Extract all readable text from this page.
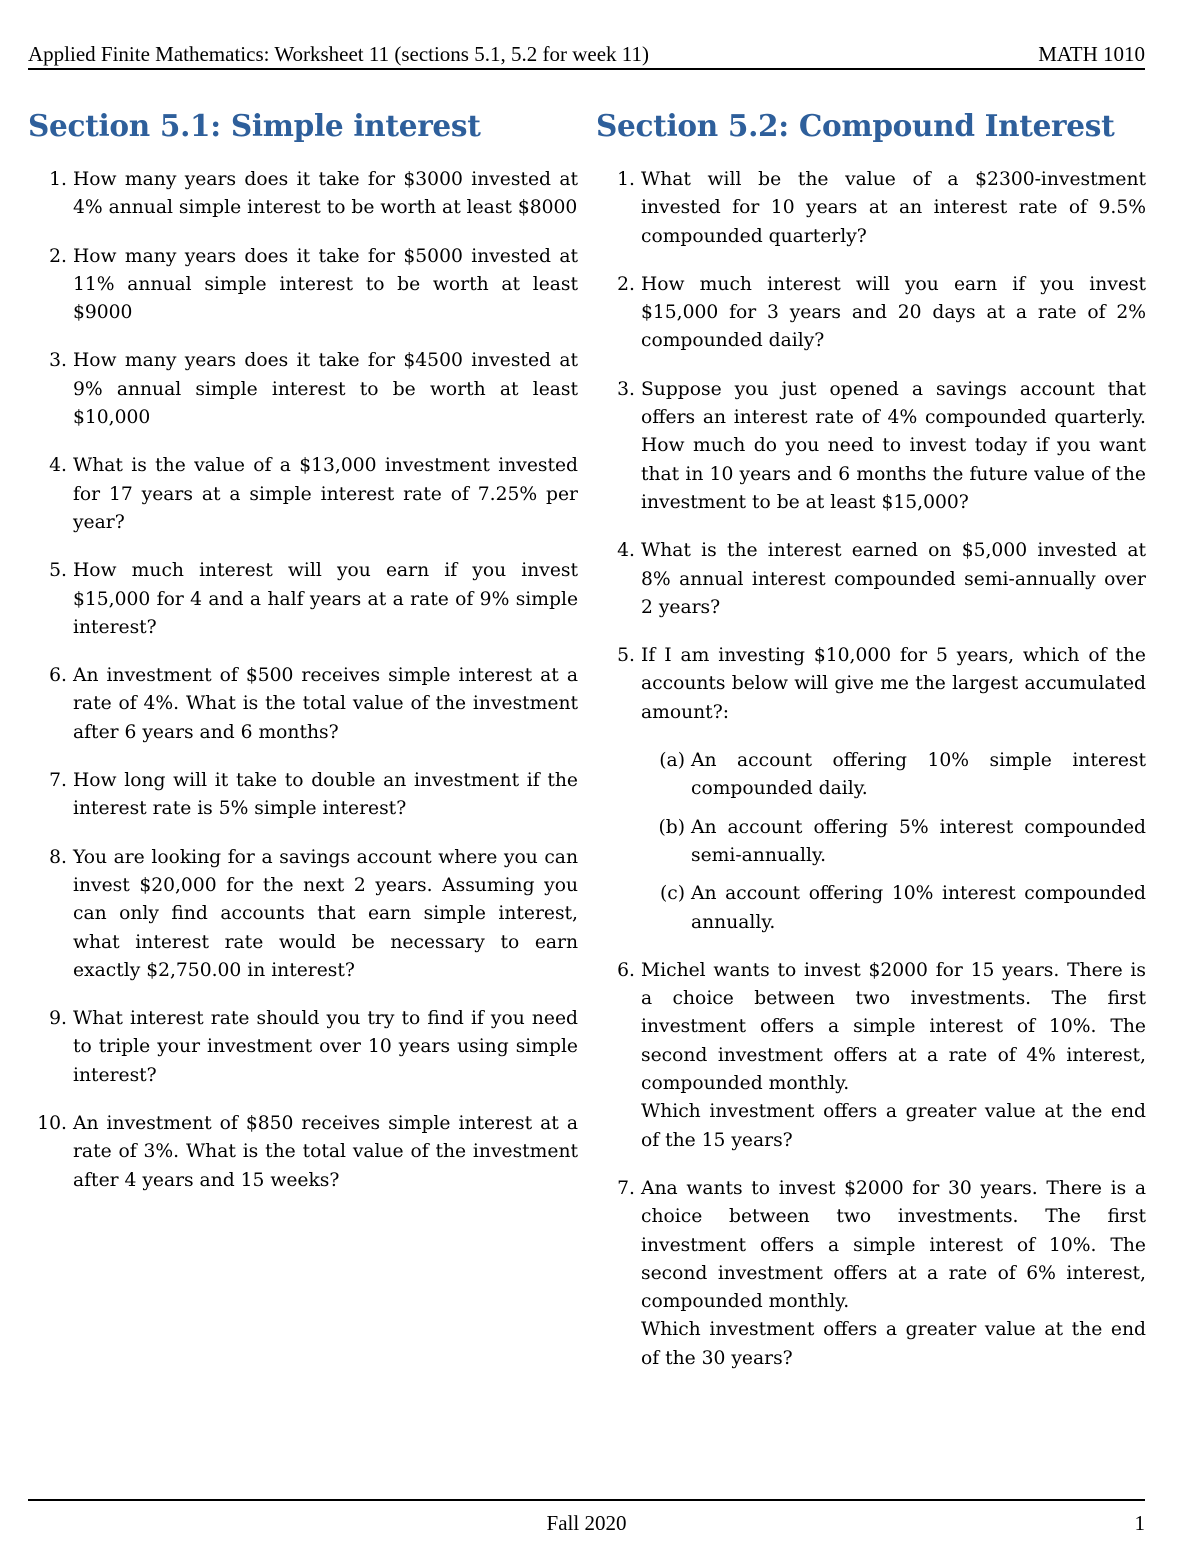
Applied Finite Mathematics: Worksheet 11 (sections 5.1, 5.2 for week 11)	MATH 1010
Section 5.1: Simple interest
1. How many years does it take for $3000 invested at 4% annual simple interest to be worth at least $8000
2. How many years does it take for $5000 invested at 11% annual simple interest to be worth at least $9000
3. How many years does it take for $4500 invested at 9% annual simple interest to be worth at least $10,000
4. What is the value of a $13,000 investment invested for 17 years at a simple interest rate of 7.25% per year?
5. How much interest will you earn if you invest $15,000 for 4 and a half years at a rate of 9% simple interest?
6. An investment of $500 receives simple interest at a rate of 4%. What is the total value of the investment after 6 years and 6 months?
7. How long will it take to double an investment if the interest rate is 5% simple interest?
8. You are looking for a savings account where you can invest $20,000 for the next 2 years. Assuming you can only find accounts that earn simple interest, what interest rate would be necessary to earn exactly $2,750.00 in interest?
9. What interest rate should you try to find if you need to triple your investment over 10 years using simple interest?
10. An investment of $850 receives simple interest at a rate of 3%. What is the total value of the investment after 4 years and 15 weeks?
Section 5.2: Compound Interest
1. What will be the value of a $2300-investment invested for 10 years at an interest rate of 9.5% compounded quarterly?
2. How much interest will you earn if you invest $15,000 for 3 years and 20 days at a rate of 2% compounded daily?
3. Suppose you just opened a savings account that offers an interest rate of 4% compounded quarterly. How much do you need to invest today if you want that in 10 years and 6 months the future value of the investment to be at least $15,000?
4. What is the interest earned on $5,000 invested at 8% annual interest compounded semi-annually over 2 years?
5. If I am investing $10,000 for 5 years, which of the accounts below will give me the largest accumulated amount?:
(a) An account offering 10% simple interest compounded daily.
(b) An account offering 5% interest compounded semi-annually.
(c) An account offering 10% interest compounded annually.
6. Michel wants to invest $2000 for 15 years. There is a choice between two investments. The first investment offers a simple interest of 10%. The second investment offers at a rate of 4% interest, compounded monthly.
Which investment offers a greater value at the end of the 15 years?
7. Ana wants to invest $2000 for 30 years. There is a choice between two investments. The first investment offers a simple interest of 10%. The second investment offers at a rate of 6% interest, compounded monthly.
Which investment offers a greater value at the end of the 30 years?
Fall 2020	1
